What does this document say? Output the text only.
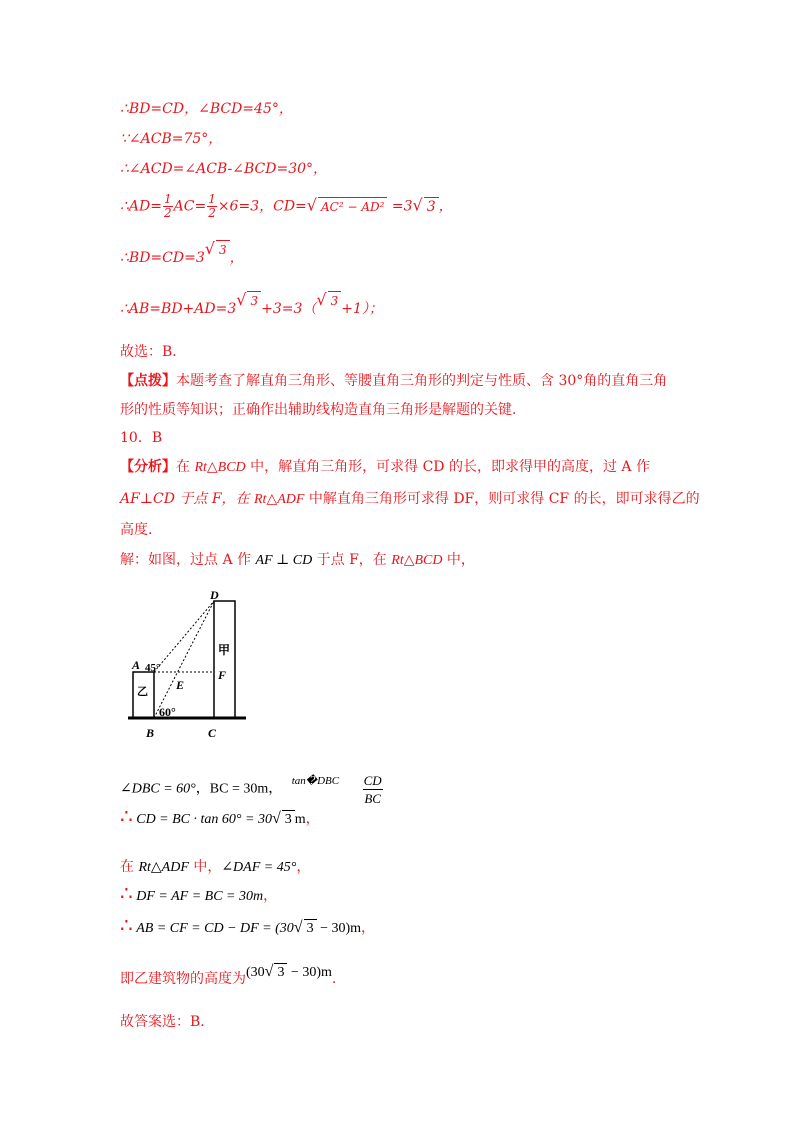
∴BD=CD，∠BCD=45°，
∵∠ACB=75°，
∴∠ACD=∠ACB-∠BCD=30°，
∴AD= $\frac{1}{2} AC= \frac{1}{2} \times 6=3$，CD=√ AC² − AD² =3√ 3 ，
∴BD=CD=3√ 3 ，
∴AB=BD+AD=3√ 3 +3=3（√ 3 +1）；
故选：B．
【点拨】本题考查了解直角三角形、等腰直角三角形的判定与性质、含 30°角的直角三角
形的性质等知识；正确作出辅助线构造直角三角形是解题的关键.
10．B
【分析】在 Rt△BCD 中，解直角三角形，可求得 CD 的长，即求得甲的高度，过 A 作
AF⊥CD 于点 F，在 Rt△ADF 中解直角三角形可求得 DF，则可求得 CF 的长，即可求得乙的
高度.
解：如图，过点 A 作 AF ⊥ CD 于点 F，在 Rt△BCD 中，
D
A 45°
E
F
甲
乙
60°
B	C
∠DBC = 60°，BC = 30m， $^{tan�DBC} \frac{CD}{BC}$
∴ CD = BC · tan 60° = 30√ 3 m，
在 Rt△ADF 中，∠DAF = 45°，
∴ DF = AF = BC = 30m，
∴ AB = CF = CD − DF = (30√ 3 − 30)m，
即乙建筑物的高度为(30√ 3 − 30)m.
故答案选：B.
